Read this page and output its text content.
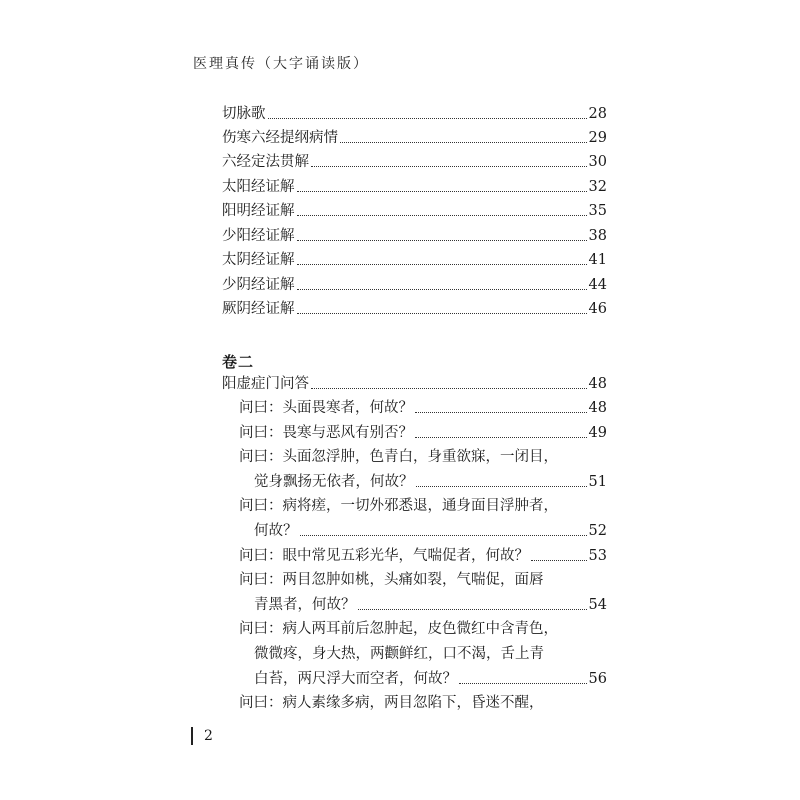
医理真传（大字诵读版）
卷二
切脉歌	28
伤寒六经提纲病情	29
六经定法贯解	30
太阳经证解	32
阳明经证解	35
少阳经证解	38
太阴经证解	41
少阴经证解	44
厥阴经证解	46
阳虚症门问答	48
问曰：头面畏寒者，何故？	48
问曰：畏寒与恶风有别否？	49
问曰：头面忽浮肿，色青白，身重欲寐，一闭目，
觉身飘扬无依者，何故？	51
问曰：病将瘥，一切外邪悉退，通身面目浮肿者，
何故？	52
问曰：眼中常见五彩光华，气喘促者，何故？	53
问曰：两目忽肿如桃，头痛如裂，气喘促，面唇
青黑者，何故？	54
问曰：病人两耳前后忽肿起，皮色微红中含青色，
微微疼，身大热，两颧鲜红，口不渴，舌上青
白苔，两尺浮大而空者，何故？	56
问曰：病人素缘多病，两目忽陷下，昏迷不醒，
2
